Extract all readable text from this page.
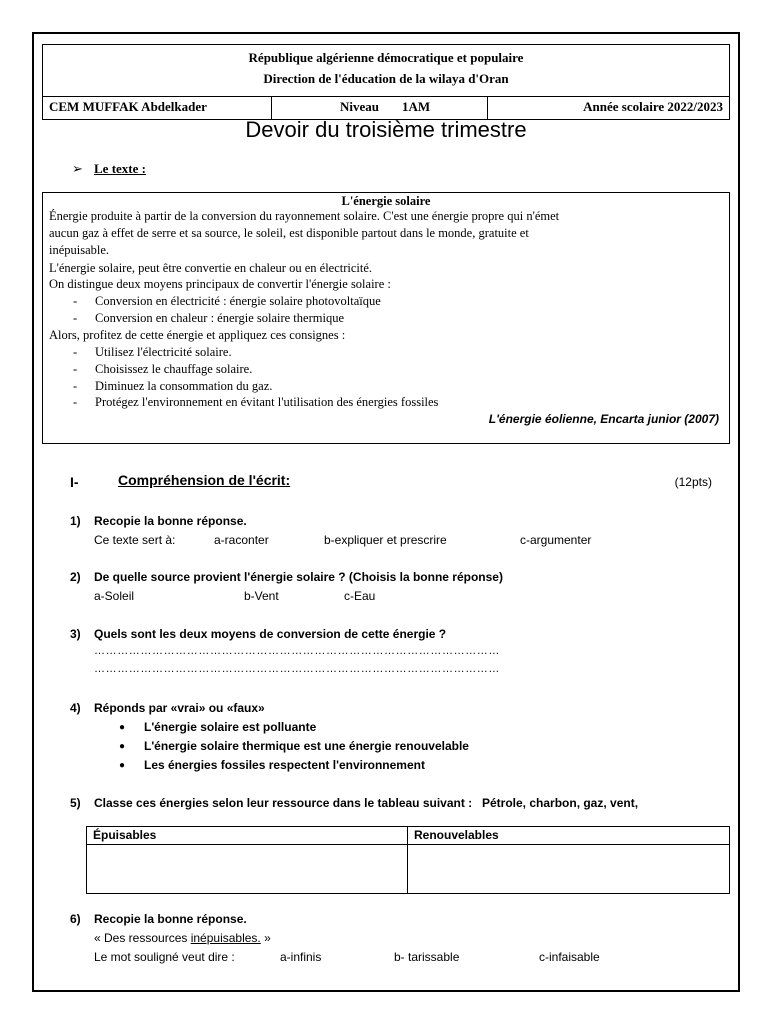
République algérienne démocratique et populaire
Direction de l'éducation de la wilaya d'Oran
CEM MUFFAK Abdelkader	Niveau 1AM	Année scolaire 2022/2023
Devoir du troisième trimestre
➢ Le texte :
L'énergie solaire
Énergie produite à partir de la conversion du rayonnement solaire. C'est une énergie propre qui n'émet
aucun gaz à effet de serre et sa source, le soleil, est disponible partout dans le monde, gratuite et
inépuisable.
L'énergie solaire, peut être convertie en chaleur ou en électricité.
On distingue deux moyens principaux de convertir l'énergie solaire :
- Conversion en électricité : énergie solaire photovoltaïque
- Conversion en chaleur : énergie solaire thermique
Alors, profitez de cette énergie et appliquez ces consignes :
- Utilisez l'électricité solaire.
- Choisissez le chauffage solaire.
- Diminuez la consommation du gaz.
- Protégez l'environnement en évitant l'utilisation des énergies fossiles
L'énergie éolienne, Encarta junior (2007)
I-	Compréhension de l'écrit:	(12pts)
1) Recopie la bonne réponse.
Ce texte sert à:	a-raconter	b-expliquer et prescrire	c-argumenter
2) De quelle source provient l'énergie solaire ? (Choisis la bonne réponse)
a-Soleil	b-Vent	c-Eau
3) Quels sont les deux moyens de conversion de cette énergie ?
……………………………………………………………………………………………
……………………………………………………………………………………………
4) Réponds par «vrai» ou «faux»
● L'énergie solaire est polluante
● L'énergie solaire thermique est une énergie renouvelable
● Les énergies fossiles respectent l'environnement
5) Classe ces énergies selon leur ressource dans le tableau suivant : Pétrole, charbon, gaz, vent,
Épuisables	Renouvelables
6) Recopie la bonne réponse.
« Des ressources inépuisables. »
Le mot souligné veut dire :	a-infinis	b- tarissable	c-infaisable
